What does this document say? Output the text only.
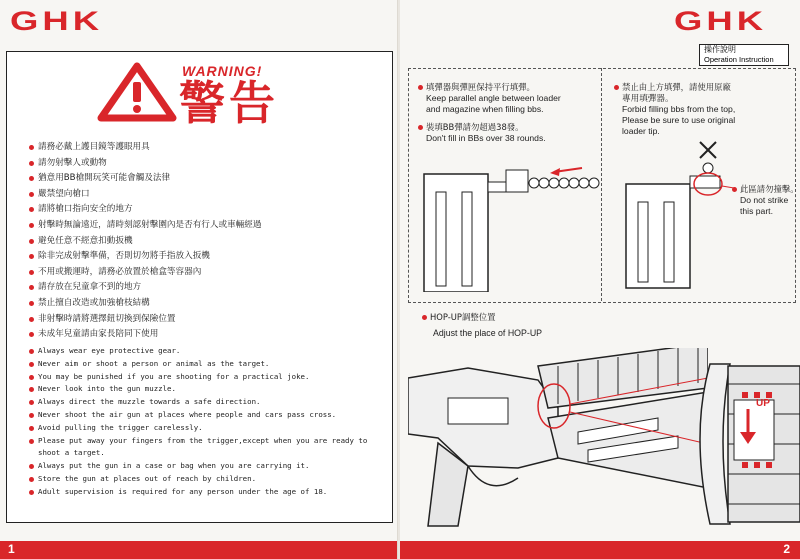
GHK
WARNING!
警告
請務必戴上護目鏡等護眼用具
請勿射擊人或動物
猶意用BB槍開玩笑可能會觸及法律
嚴禁望向槍口
請將槍口指向安全的地方
射擊時無論遠近，請時刻認射擊圍內是否有行人或車輛經過
避免任意不經意扣動扳機
除非完成射擊準備，否則切勿將手指放入扳機
不用或搬運時，請務必放置於槍盒等容器內
請存放在兒童拿不到的地方
禁止擅自改造或加強槍枝結構
非射擊時請將選擇鈕切換到保險位置
未成年兒童請由家長陪同下使用
Always wear eye protective gear.
Never aim or shoot a person or animal as the target.
You may be punished if you are shooting for a practical joke.
Never look into the gun muzzle.
Always direct the muzzle towards a safe direction.
Never shoot the air gun at places where people and cars pass cross.
Avoid pulling the trigger carelessly.
Please put away your fingers from the trigger,except when you are ready to shoot a target.
Always put the gun in a case or bag when you are carrying it.
Store the gun at places out of reach by children.
Adult supervision is required for any person under the age of 18.
1
GHK
操作說明
Operation Instruction
填彈器與彈匣保持平行填彈。
Keep parallel angle between loader
and magazine when filling bbs.
裝填BB彈請勿超過38發。
Don't fill in BBs over 38 rounds.
禁止由上方填彈，請使用原廠
專用填彈器。
Forbid filling bbs from the top,
Please be sure to use original
loader tip.
此區請勿撞擊。
Do not strike
this part.
HOP-UP調整位置
Adjust the place of HOP-UP
UP
2
